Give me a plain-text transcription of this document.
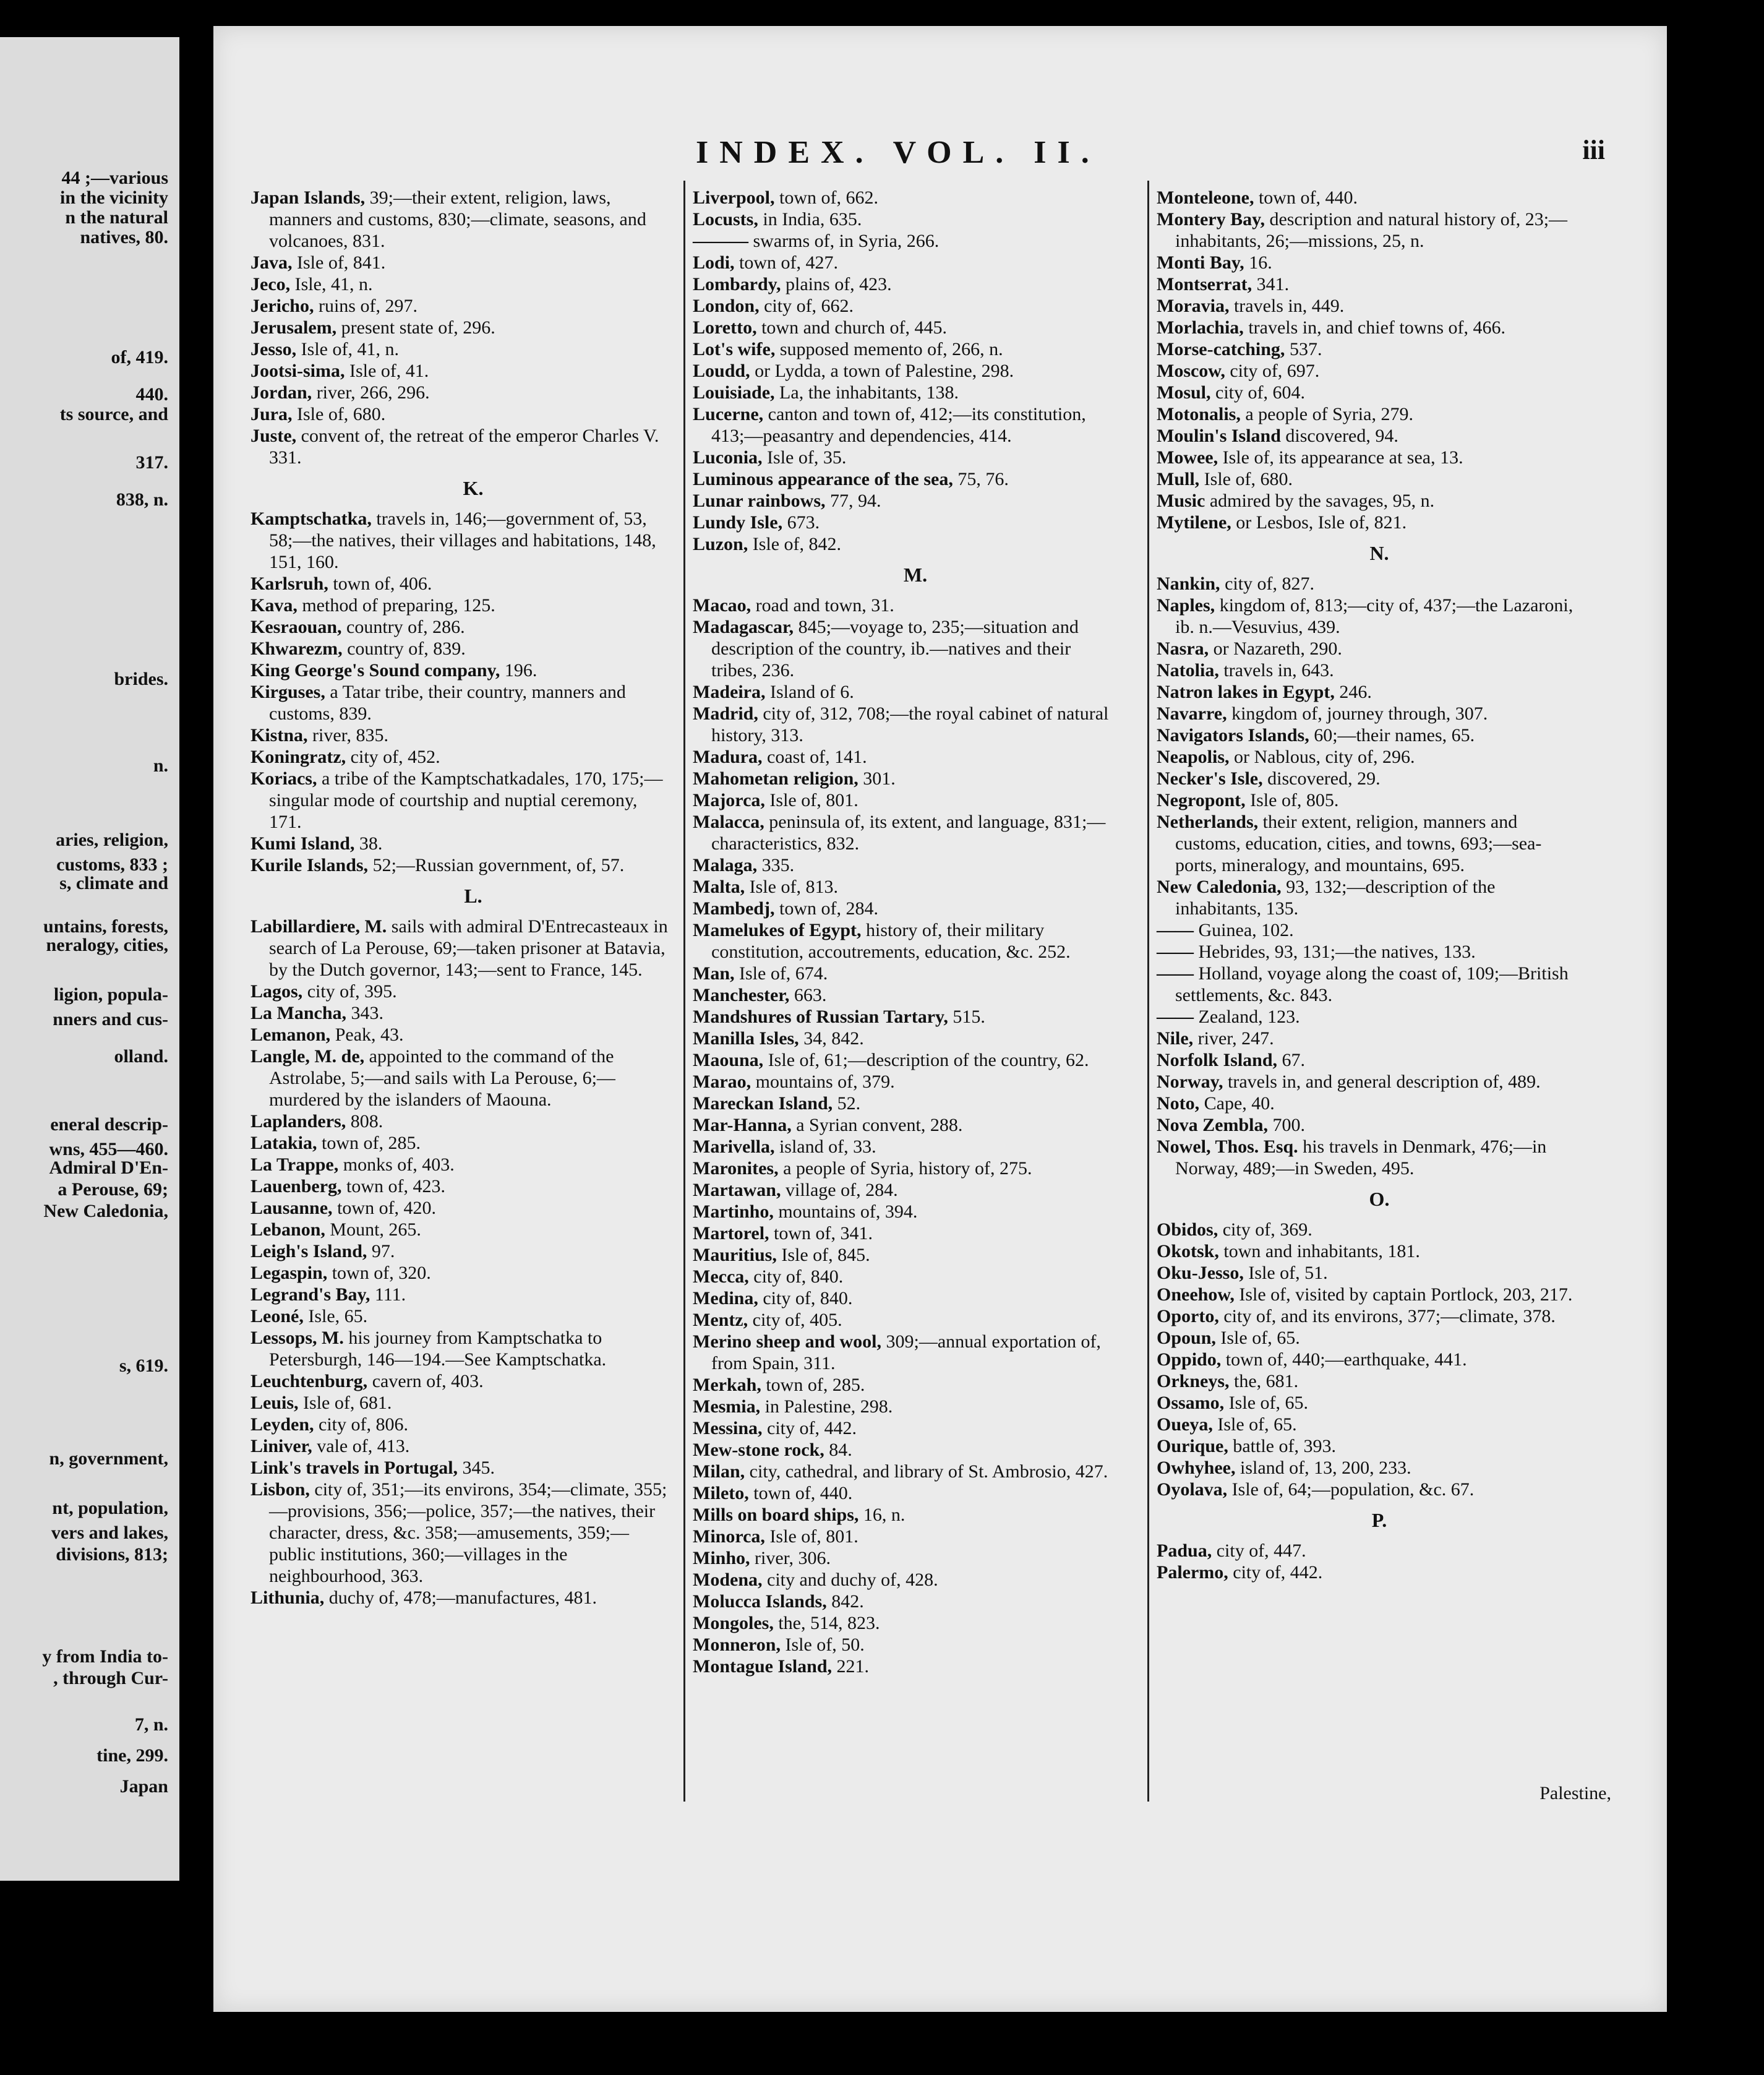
44 ;—various
in the vicinity
n the natural
natives, 80.
of, 419.
440.
ts source, and
317.
838, n.
brides.
n.
aries, religion,
customs, 833 ;
s, climate and
untains, forests,
neralogy, cities,
ligion, popula-
nners and cus-
olland.
eneral descrip-
wns, 455—460.
Admiral D'En-
a Perouse, 69;
New Caledonia,
s, 619.
n, government,
nt, population,
vers and lakes,
divisions, 813;
y from India to-
, through Cur-
7, n.
tine, 299.
Japan
INDEX. VOL. II.	iii

Japan Islands, 39;—their extent, religion, laws, manners and customs, 830;—climate, seasons, and volcanoes, 831.

Java, Isle of, 841.

Jeco, Isle, 41, n.

Jericho, ruins of, 297.

Jerusalem, present state of, 296.

Jesso, Isle of, 41, n.

Jootsi-sima, Isle of, 41.

Jordan, river, 266, 296.

Jura, Isle of, 680.

Juste, convent of, the retreat of the emperor Charles V. 331.

K.

Kamptschatka, travels in, 146;—government of, 53, 58;—the natives, their villages and habitations, 148, 151, 160.

Karlsruh, town of, 406.

Kava, method of preparing, 125.

Kesraouan, country of, 286.

Khwarezm, country of, 839.

King George's Sound company, 196.

Kirguses, a Tatar tribe, their country, manners and customs, 839.

Kistna, river, 835.

Koningratz, city of, 452.

Koriacs, a tribe of the Kamptschatkadales, 170, 175;—singular mode of courtship and nuptial ceremony, 171.

Kumi Island, 38.

Kurile Islands, 52;—Russian government, of, 57.

L.

Labillardiere, M. sails with admiral D'Entrecasteaux in search of La Perouse, 69;—taken prisoner at Batavia, by the Dutch governor, 143;—sent to France, 145.

Lagos, city of, 395.

La Mancha, 343.

Lemanon, Peak, 43.

Langle, M. de, appointed to the command of the Astrolabe, 5;—and sails with La Perouse, 6;—murdered by the islanders of Maouna.

Laplanders, 808.

Latakia, town of, 285.

La Trappe, monks of, 403.

Lauenberg, town of, 423.

Lausanne, town of, 420.

Lebanon, Mount, 265.

Leigh's Island, 97.

Legaspin, town of, 320.

Legrand's Bay, 111.

Leoné, Isle, 65.

Lessops, M. his journey from Kamptschatka to Petersburgh, 146—194.—See Kamptschatka.

Leuchtenburg, cavern of, 403.

Leuis, Isle of, 681.

Leyden, city of, 806.

Liniver, vale of, 413.

Link's travels in Portugal, 345.

Lisbon, city of, 351;—its environs, 354;—climate, 355;—provisions, 356;—police, 357;—the natives, their character, dress, &c. 358;—amusements, 359;—public institutions, 360;—villages in the neighbourhood, 363.

Lithunia, duchy of, 478;—manufactures, 481.

Liverpool, town of, 662.

Locusts, in India, 635.

——— swarms of, in Syria, 266.

Lodi, town of, 427.

Lombardy, plains of, 423.

London, city of, 662.

Loretto, town and church of, 445.

Lot's wife, supposed memento of, 266, n.

Loudd, or Lydda, a town of Palestine, 298.

Louisiade, La, the inhabitants, 138.

Lucerne, canton and town of, 412;—its constitution, 413;—peasantry and dependencies, 414.

Luconia, Isle of, 35.

Luminous appearance of the sea, 75, 76.

Lunar rainbows, 77, 94.

Lundy Isle, 673.

Luzon, Isle of, 842.

M.

Macao, road and town, 31.

Madagascar, 845;—voyage to, 235;—situation and description of the country, ib.—natives and their tribes, 236.

Madeira, Island of 6.

Madrid, city of, 312, 708;—the royal cabinet of natural history, 313.

Madura, coast of, 141.

Mahometan religion, 301.

Majorca, Isle of, 801.

Malacca, peninsula of, its extent, and language, 831;—characteristics, 832.

Malaga, 335.

Malta, Isle of, 813.

Mambedj, town of, 284.

Mamelukes of Egypt, history of, their military constitution, accoutrements, education, &c. 252.

Man, Isle of, 674.

Manchester, 663.

Mandshures of Russian Tartary, 515.

Manilla Isles, 34, 842.

Maouna, Isle of, 61;—description of the country, 62.

Marao, mountains of, 379.

Mareckan Island, 52.

Mar-Hanna, a Syrian convent, 288.

Marivella, island of, 33.

Maronites, a people of Syria, history of, 275.

Martawan, village of, 284.

Martinho, mountains of, 394.

Martorel, town of, 341.

Mauritius, Isle of, 845.

Mecca, city of, 840.

Medina, city of, 840.

Mentz, city of, 405.

Merino sheep and wool, 309;—annual exportation of, from Spain, 311.

Merkah, town of, 285.

Mesmia, in Palestine, 298.

Messina, city of, 442.

Mew-stone rock, 84.

Milan, city, cathedral, and library of St. Ambrosio, 427.

Mileto, town of, 440.

Mills on board ships, 16, n.

Minorca, Isle of, 801.

Minho, river, 306.

Modena, city and duchy of, 428.

Molucca Islands, 842.

Mongoles, the, 514, 823.

Monneron, Isle of, 50.

Montague Island, 221.

Monteleone, town of, 440.

Montery Bay, description and natural history of, 23;—inhabitants, 26;—missions, 25, n.

Monti Bay, 16.

Montserrat, 341.

Moravia, travels in, 449.

Morlachia, travels in, and chief towns of, 466.

Morse-catching, 537.

Moscow, city of, 697.

Mosul, city of, 604.

Motonalis, a people of Syria, 279.

Moulin's Island discovered, 94.

Mowee, Isle of, its appearance at sea, 13.

Mull, Isle of, 680.

Music admired by the savages, 95, n.

Mytilene, or Lesbos, Isle of, 821.

N.

Nankin, city of, 827.

Naples, kingdom of, 813;—city of, 437;—the Lazaroni, ib. n.—Vesuvius, 439.

Nasra, or Nazareth, 290.

Natolia, travels in, 643.

Natron lakes in Egypt, 246.

Navarre, kingdom of, journey through, 307.

Navigators Islands, 60;—their names, 65.

Neapolis, or Nablous, city of, 296.

Necker's Isle, discovered, 29.

Negropont, Isle of, 805.

Netherlands, their extent, religion, manners and customs, education, cities, and towns, 693;—sea-ports, mineralogy, and mountains, 695.

New Caledonia, 93, 132;—description of the inhabitants, 135.

—— Guinea, 102.

—— Hebrides, 93, 131;—the natives, 133.

—— Holland, voyage along the coast of, 109;—British settlements, &c. 843.

—— Zealand, 123.

Nile, river, 247.

Norfolk Island, 67.

Norway, travels in, and general description of, 489.

Noto, Cape, 40.

Nova Zembla, 700.

Nowel, Thos. Esq. his travels in Denmark, 476;—in Norway, 489;—in Sweden, 495.

O.

Obidos, city of, 369.

Okotsk, town and inhabitants, 181.

Oku-Jesso, Isle of, 51.

Oneehow, Isle of, visited by captain Portlock, 203, 217.

Oporto, city of, and its environs, 377;—climate, 378.

Opoun, Isle of, 65.

Oppido, town of, 440;—earthquake, 441.

Orkneys, the, 681.

Ossamo, Isle of, 65.

Oueya, Isle of, 65.

Ourique, battle of, 393.

Owhyhee, island of, 13, 200, 233.

Oyolava, Isle of, 64;—population, &c. 67.

P.

Padua, city of, 447.

Palermo, city of, 442.

Palestine,
